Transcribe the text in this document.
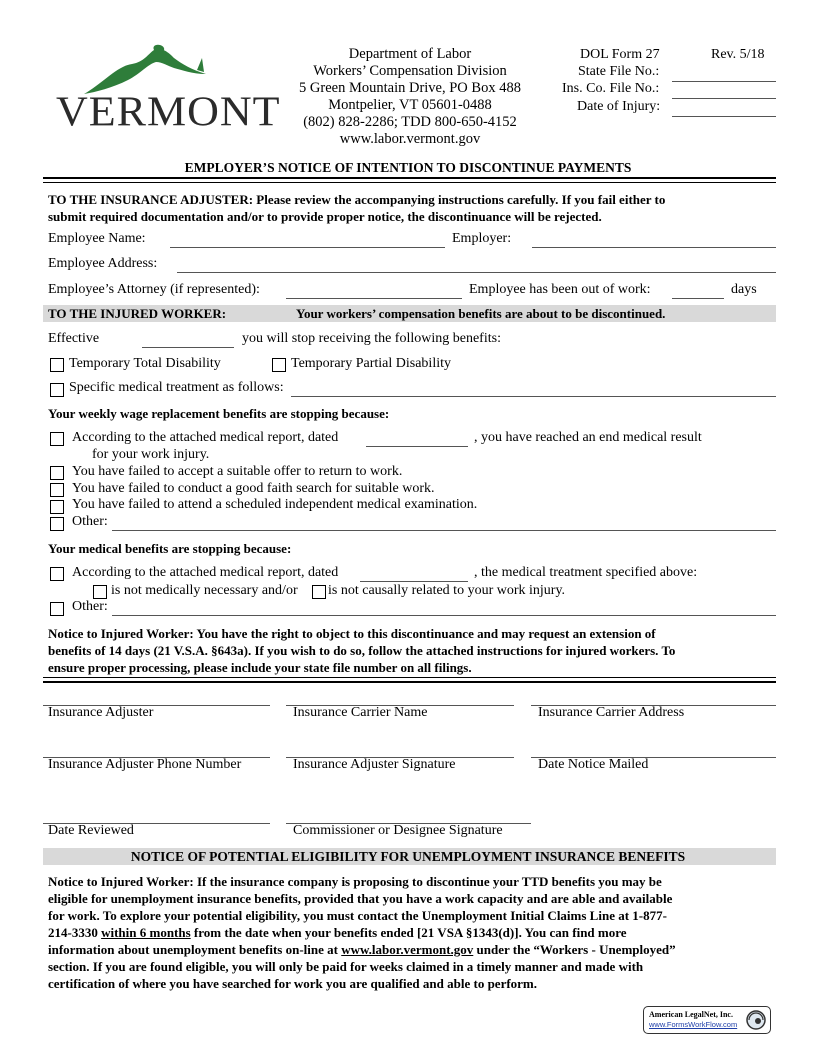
VERMONT
Department of Labor
Workers’ Compensation Division
5 Green Mountain Drive, PO Box 488
Montpelier, VT 05601-0488
(802) 828-2286; TDD 800-650-4152
www.labor.vermont.gov
DOL Form 27	Rev. 5/18
State File No.:
Ins. Co. File No.:
Date of Injury:
EMPLOYER’S NOTICE OF INTENTION TO DISCONTINUE PAYMENTS
TO THE INSURANCE ADJUSTER: Please review the accompanying instructions carefully. If you fail either to
submit required documentation and/or to provide proper notice, the discontinuance will be rejected.
Employee Name:	Employer:
Employee Address:
Employee’s Attorney (if represented):	Employee has been out of work:	days
TO THE INJURED WORKER:	Your workers’ compensation benefits are about to be discontinued.
Effective	you will stop receiving the following benefits:
Temporary Total Disability	Temporary Partial Disability
Specific medical treatment as follows:
Your weekly wage replacement benefits are stopping because:
According to the attached medical report, dated	, you have reached an end medical result
for your work injury.
You have failed to accept a suitable offer to return to work.
You have failed to conduct a good faith search for suitable work.
You have failed to attend a scheduled independent medical examination.
Other:
Your medical benefits are stopping because:
According to the attached medical report, dated	, the medical treatment specified above:
is not medically necessary and/or is not causally related to your work injury.
Other:
Notice to Injured Worker: You have the right to object to this discontinuance and may request an extension of
benefits of 14 days (21 V.S.A. §643a). If you wish to do so, follow the attached instructions for injured workers. To
ensure proper processing, please include your state file number on all filings.
Insurance Adjuster	Insurance Carrier Name	Insurance Carrier Address
Insurance Adjuster Phone Number	Insurance Adjuster Signature	Date Notice Mailed
Date Reviewed	Commissioner or Designee Signature
NOTICE OF POTENTIAL ELIGIBILITY FOR UNEMPLOYMENT INSURANCE BENEFITS
Notice to Injured Worker: If the insurance company is proposing to discontinue your TTD benefits you may be
eligible for unemployment insurance benefits, provided that you have a work capacity and are able and available
for work. To explore your potential eligibility, you must contact the Unemployment Initial Claims Line at 1-877-
214-3330 within 6 months from the date when your benefits ended [21 VSA §1343(d)]. You can find more
information about unemployment benefits on-line at www.labor.vermont.gov under the “Workers - Unemployed”
section. If you are found eligible, you will only be paid for weeks claimed in a timely manner and made with
certification of where you have searched for work you are qualified and able to perform.
American LegalNet, Inc.
www.FormsWorkFlow.com
